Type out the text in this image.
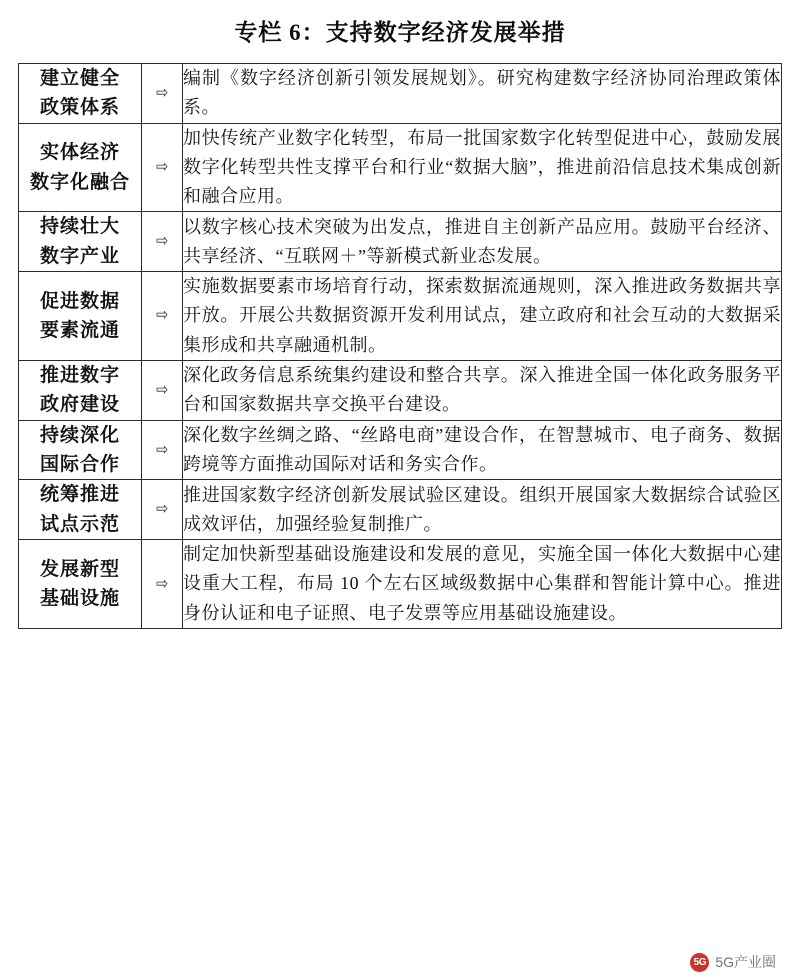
专栏 6：支持数字经济发展举措
建立健全
政策体系	⇨	编制《数字经济创新引领发展规划》。研究构建数字经济协同治理政策体系。

实体经济
数字化融合	⇨	加快传统产业数字化转型，布局一批国家数字化转型促进中心，鼓励发展数字化转型共性支撑平台和行业“数据大脑”，推进前沿信息技术集成创新和融合应用。

持续壮大
数字产业	⇨	以数字核心技术突破为出发点，推进自主创新产品应用。鼓励平台经济、共享经济、“互联网＋”等新模式新业态发展。

促进数据
要素流通	⇨	实施数据要素市场培育行动，探索数据流通规则，深入推进政务数据共享开放。开展公共数据资源开发利用试点，建立政府和社会互动的大数据采集形成和共享融通机制。

推进数字
政府建设	⇨	深化政务信息系统集约建设和整合共享。深入推进全国一体化政务服务平台和国家数据共享交换平台建设。

持续深化
国际合作	⇨	深化数字丝绸之路、“丝路电商”建设合作，在智慧城市、电子商务、数据跨境等方面推动国际对话和务实合作。

统筹推进
试点示范	⇨	推进国家数字经济创新发展试验区建设。组织开展国家大数据综合试验区成效评估，加强经验复制推广。

发展新型
基础设施	⇨	制定加快新型基础设施建设和发展的意见，实施全国一体化大数据中心建设重大工程，布局 10 个左右区域级数据中心集群和智能计算中心。推进身份认证和电子证照、电子发票等应用基础设施建设。
5G 5G产业圈
